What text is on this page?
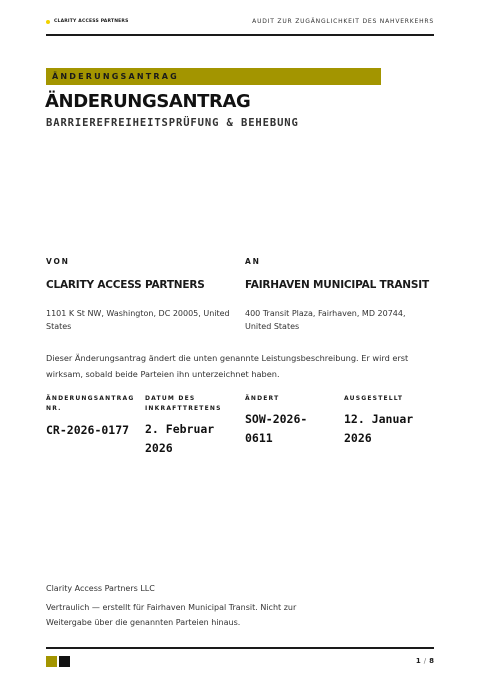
CLARITY ACCESS PARTNERS	AUDIT ZUR ZUGÄNGLICHKEIT DES NAHVERKEHRS
ÄNDERUNGSANTRAG
ÄNDERUNGSANTRAG
BARRIEREFREIHEITSPRÜFUNG & BEHEBUNG
VON
CLARITY ACCESS PARTNERS
1101 K St NW, Washington, DC 20005, United States
AN
FAIRHAVEN MUNICIPAL TRANSIT
400 Transit Plaza, Fairhaven, MD 20744, United States
Dieser Änderungsantrag ändert die unten genannte Leistungsbeschreibung. Er wird erst wirksam, sobald beide Parteien ihn unterzeichnet haben.
ÄNDERUNGSANTRAG NR.
CR-2026-0177
DATUM DES INKRAFTTRETENS
2. Februar 2026
ÄNDERT
SOW-2026-0611
AUSGESTELLT
12. Januar 2026
Clarity Access Partners LLC
Vertraulich — erstellt für Fairhaven Municipal Transit. Nicht zur Weitergabe über die genannten Parteien hinaus.
1 / 8
